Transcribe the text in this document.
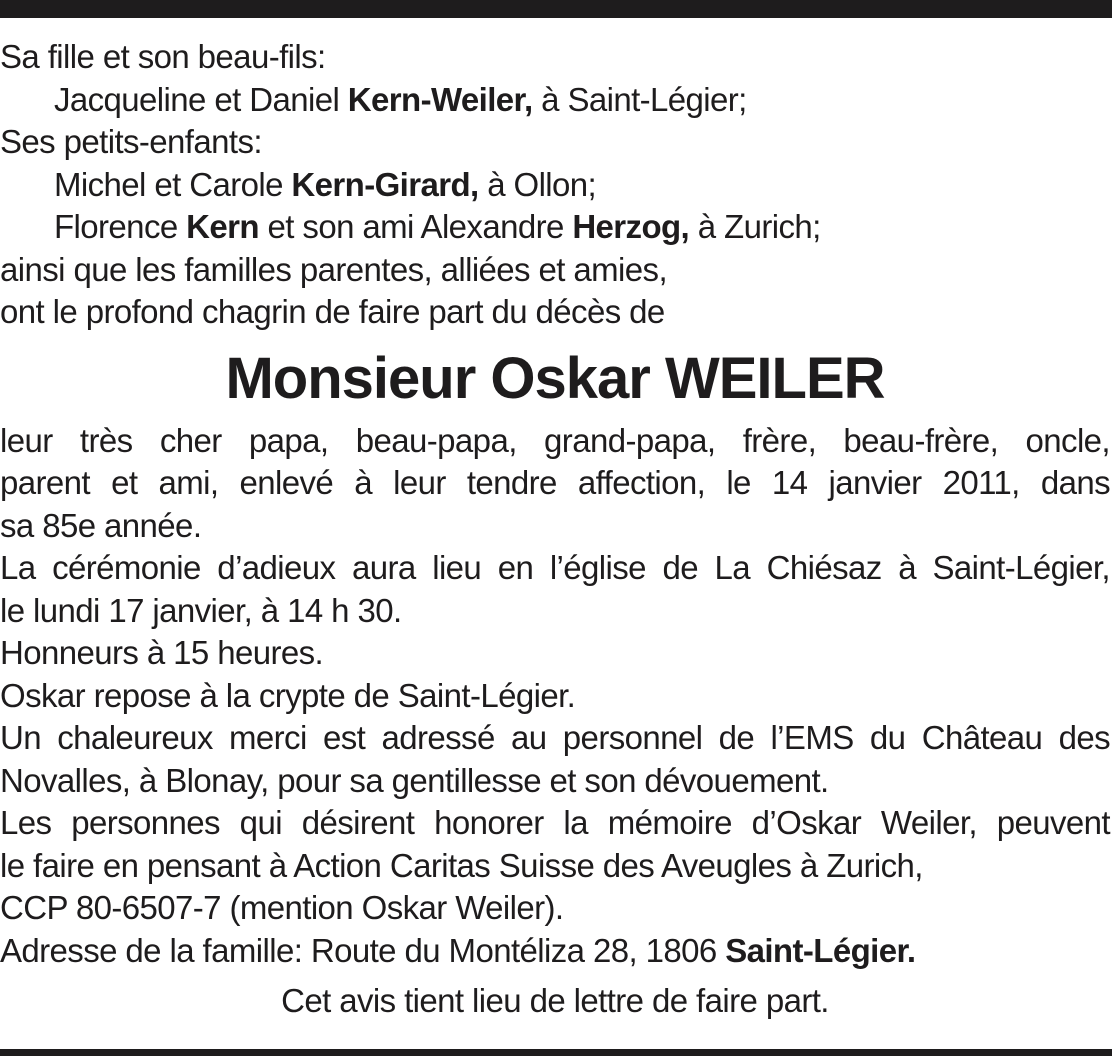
Sa fille et son beau-fils:
Jacqueline et Daniel Kern-Weiler, à Saint-Légier;
Ses petits-enfants:
Michel et Carole Kern-Girard, à Ollon;
Florence Kern et son ami Alexandre Herzog, à Zurich;
ainsi que les familles parentes, alliées et amies,
ont le profond chagrin de faire part du décès de
Monsieur Oskar WEILER
leur très cher papa, beau-papa, grand-papa, frère, beau-frère, oncle,
parent et ami, enlevé à leur tendre affection, le 14 janvier 2011, dans
sa 85e année.
La cérémonie d’adieux aura lieu en l’église de La Chiésaz à Saint-Légier,
le lundi 17 janvier, à 14 h 30.
Honneurs à 15 heures.
Oskar repose à la crypte de Saint-Légier.
Un chaleureux merci est adressé au personnel de l’EMS du Château des
Novalles, à Blonay, pour sa gentillesse et son dévouement.
Les personnes qui désirent honorer la mémoire d’Oskar Weiler, peuvent
le faire en pensant à Action Caritas Suisse des Aveugles à Zurich,
CCP 80-6507-7 (mention Oskar Weiler).
Adresse de la famille: Route du Montéliza 28, 1806 Saint-Légier.
Cet avis tient lieu de lettre de faire part.
